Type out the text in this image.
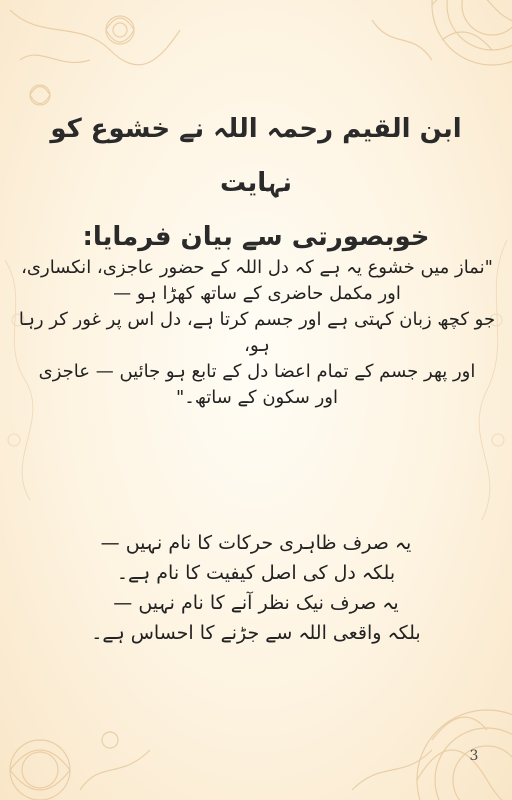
ابن القیم رحمہ اللہ نے خشوع کو نہایت
خوبصورتی سے بیان فرمایا:
"نماز میں خشوع یہ ہے کہ دل اللہ کے حضور عاجزی، انکساری،
اور مکمل حاضری کے ساتھ کھڑا ہو —
جو کچھ زبان کہتی ہے اور جسم کرتا ہے، دل اس پر غور کر رہا
ہو،
اور پھر جسم کے تمام اعضا دل کے تابع ہو جائیں — عاجزی
اور سکون کے ساتھ۔"
یہ صرف ظاہری حرکات کا نام نہیں —
بلکہ دل کی اصل کیفیت کا نام ہے۔
یہ صرف نیک نظر آنے کا نام نہیں —
بلکہ واقعی اللہ سے جڑنے کا احساس ہے۔
3
